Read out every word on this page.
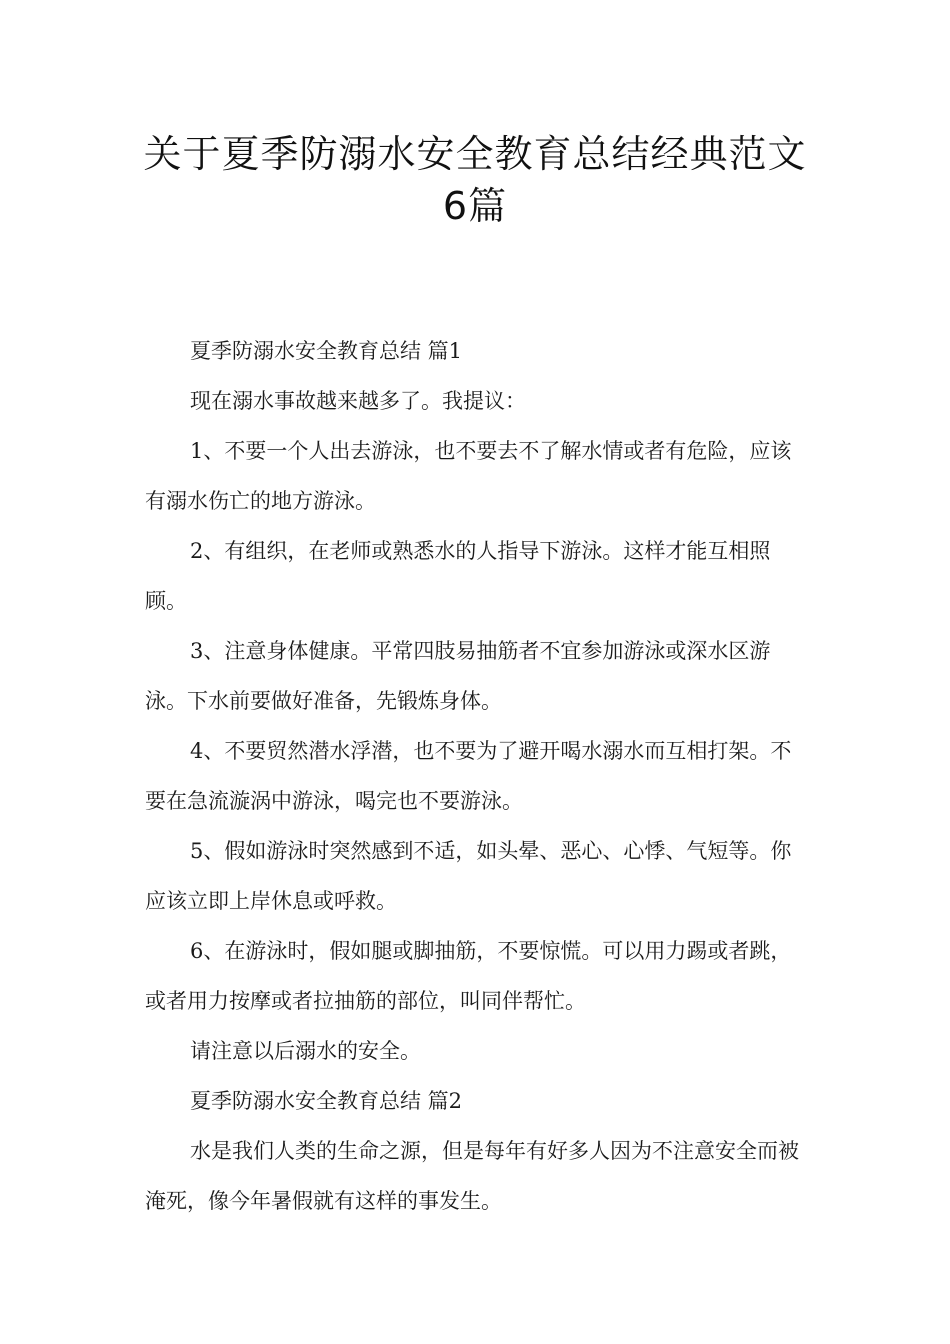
关于夏季防溺水安全教育总结经典范文
6篇

夏季防溺水安全教育总结 篇1

现在溺水事故越来越多了。我提议：

1、不要一个人出去游泳，也不要去不了解水情或者有危险，应该有溺水伤亡的地方游泳。

2、有组织，在老师或熟悉水的人指导下游泳。这样才能互相照顾。

3、注意身体健康。平常四肢易抽筋者不宜参加游泳或深水区游泳。下水前要做好准备，先锻炼身体。

4、不要贸然潜水浮潜，也不要为了避开喝水溺水而互相打架。不要在急流漩涡中游泳，喝完也不要游泳。

5、假如游泳时突然感到不适，如头晕、恶心、心悸、气短等。你应该立即上岸休息或呼救。

6、在游泳时，假如腿或脚抽筋，不要惊慌。可以用力踢或者跳，或者用力按摩或者拉抽筋的部位，叫同伴帮忙。

请注意以后溺水的安全。

夏季防溺水安全教育总结 篇2

水是我们人类的生命之源，但是每年有好多人因为不注意安全而被淹死，像今年暑假就有这样的事发生。
